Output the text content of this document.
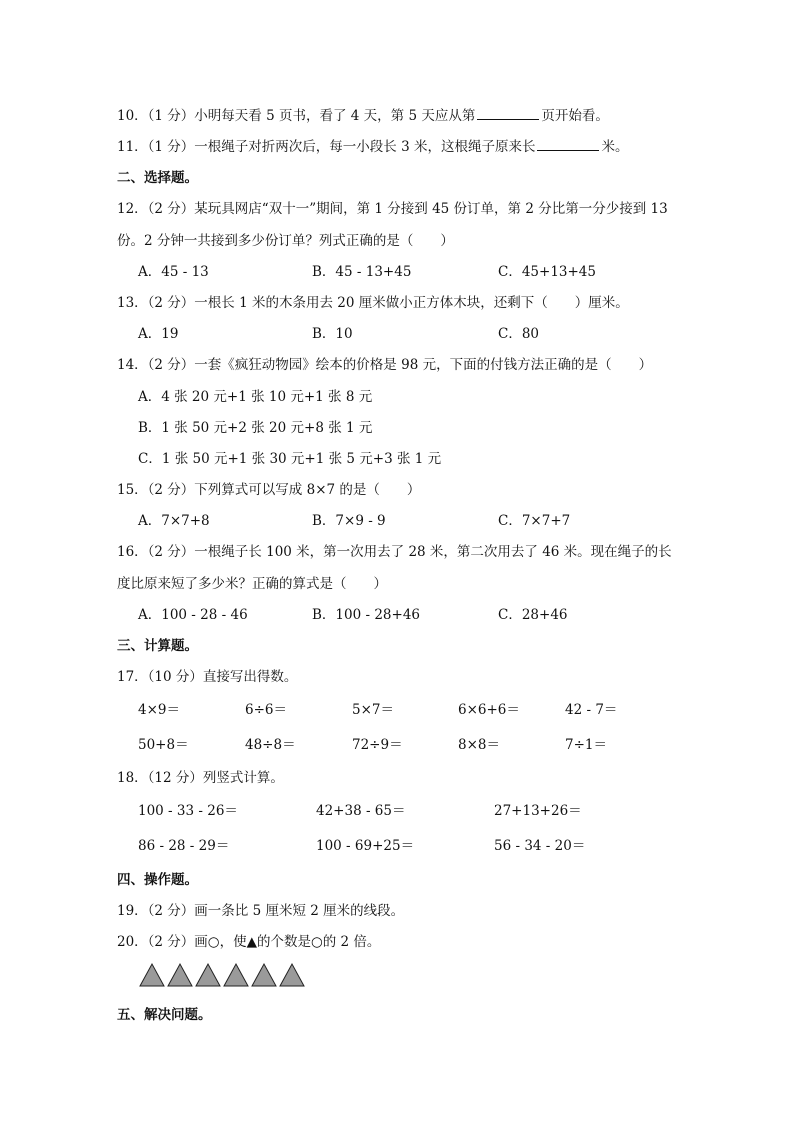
10．（1 分）小明每天看 5 页书，看了 4 天，第 5 天应从第	页开始看。
11．（1 分）一根绳子对折两次后，每一小段长 3 米，这根绳子原来长	米。
二、选择题。
12．（2 分）某玩具网店“双十一”期间，第 1 分接到 45 份订单，第 2 分比第一分少接到 13
份。2 分钟一共接到多少份订单？列式正确的是（　　）
A．45 - 13	B．45 - 13+45	C．45+13+45
13．（2 分）一根长 1 米的木条用去 20 厘米做小正方体木块，还剩下（　　）厘米。
A．19	B．10	C．80
14．（2 分）一套《疯狂动物园》绘本的价格是 98 元，下面的付钱方法正确的是（　　）
A．4 张 20 元+1 张 10 元+1 张 8 元
B．1 张 50 元+2 张 20 元+8 张 1 元
C．1 张 50 元+1 张 30 元+1 张 5 元+3 张 1 元
15．（2 分）下列算式可以写成 8×7 的是（　　）
A．7×7+8	B．7×9 - 9	C．7×7+7
16．（2 分）一根绳子长 100 米，第一次用去了 28 米，第二次用去了 46 米。现在绳子的长
度比原来短了多少米？正确的算式是（　　）
A．100 - 28 - 46	B．100 - 28+46	C．28+46
三、计算题。
17．（10 分）直接写出得数。
4×9＝	6÷6＝	5×7＝	6×6+6＝	42 - 7＝
50+8＝	48÷8＝	72÷9＝	8×8＝	7÷1＝
18．（12 分）列竖式计算。
100 - 33 - 26＝	42+38 - 65＝	27+13+26＝
86 - 28 - 29＝	100 - 69+25＝	56 - 34 - 20＝
四、操作题。
19．（2 分）画一条比 5 厘米短 2 厘米的线段。
20．（2 分）画○，使▲的个数是○的 2 倍。
五、解决问题。
